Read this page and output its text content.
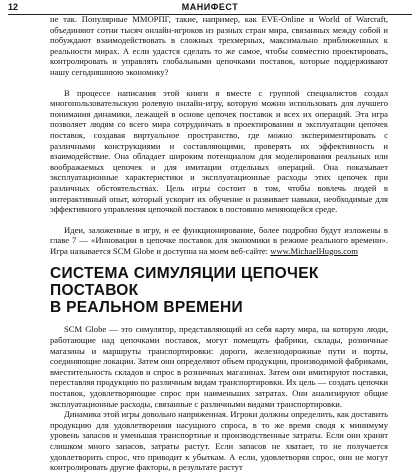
12	МАНИФЕСТ

не так. Популярные MMOРПГ, такие, например, как EVE-Online и World of Warcraft, объединяют сотни тысяч онлайн-игроков из разных стран мира, связанных между собой и побуждают взаимодействовать в сложных трехмерных, максимально приближенных к реальности мирах. А если удастся сделать то же самое, чтобы совместно проектировать, контролировать и управлять глобальными цепочками поставок, которые поддерживают нашу сегодняшнюю экономику?

В процессе написания этой книги я вместе с группой специалистов создал многопользовательскую ролевую онлайн-игру, которую можно использовать для лучшего понимания динамики, лежащей в основе цепочек поставок и всех их операций. Эта игра позволяет людям со всего мира сотрудничать в проектировании и эксплуатации цепочек поставок, создавая виртуальное пространство, где можно экспериментировать с различными конструкциями и составляющими, проверять их эффективность и взаимодействие. Она обладает широким потенциалом для моделирования реальных или воображаемых цепочек и для имитации отдельных операций. Она показывает эксплуатационные характеристики и эксплуатационные расходы этих цепочек при различных обстоятельствах. Цель игры состоит в том, чтобы вовлечь людей в интерактивный опыт, который ускорит их обучение и развивает навыки, необходимые для эффективного управления цепочкой поставок в постоянно меняющейся среде.

Идеи, заложенные в игру, и ее функционирование, более подробно будут изложены в главе 7 — «Инновации в цепочке поставок для экономики в режиме реального времени». Игра называется SCM Globe и доступна на моем веб-сайте: www.MichaelHugos.com

СИСТЕМА СИМУЛЯЦИИ ЦЕПОЧЕК ПОСТАВОК
В РЕАЛЬНОМ ВРЕМЕНИ

SCM Globe — это симулятор, представляющий из себя карту мира, на которую люди, работающие над цепочками поставок, могут помещать фабрики, склады, розничные магазины и маршруты транспортировки: дороги, железнодорожные пути и порты, соединяющие локации. Затем они определяют объем продукции, производимой фабриками, вместительность складов и спрос в розничных магазинах. Затем они имитируют поставки, переставляя продукцию по различным видам транспортировки. Их цель — создать цепочки поставок, удовлетворяющие спрос при наименьших затратах. Они анализируют общие эксплуатационные расходы, связанные с различными видами транспортировки.

Динамика этой игры довольно напряженная. Игроки должны определить, как доставить продукцию для удовлетворения насущного спроса, в то же время сводя к минимуму уровень запасов и уменьшая транспортные и производственные затраты. Если они хранят слишком много запасов, затраты растут. Если запасов не хватает, то не получается удовлетворить спрос, что приводит к убыткам. А если, удовлетворяя спрос, они не могут контролировать другие факторы, в результате растут
